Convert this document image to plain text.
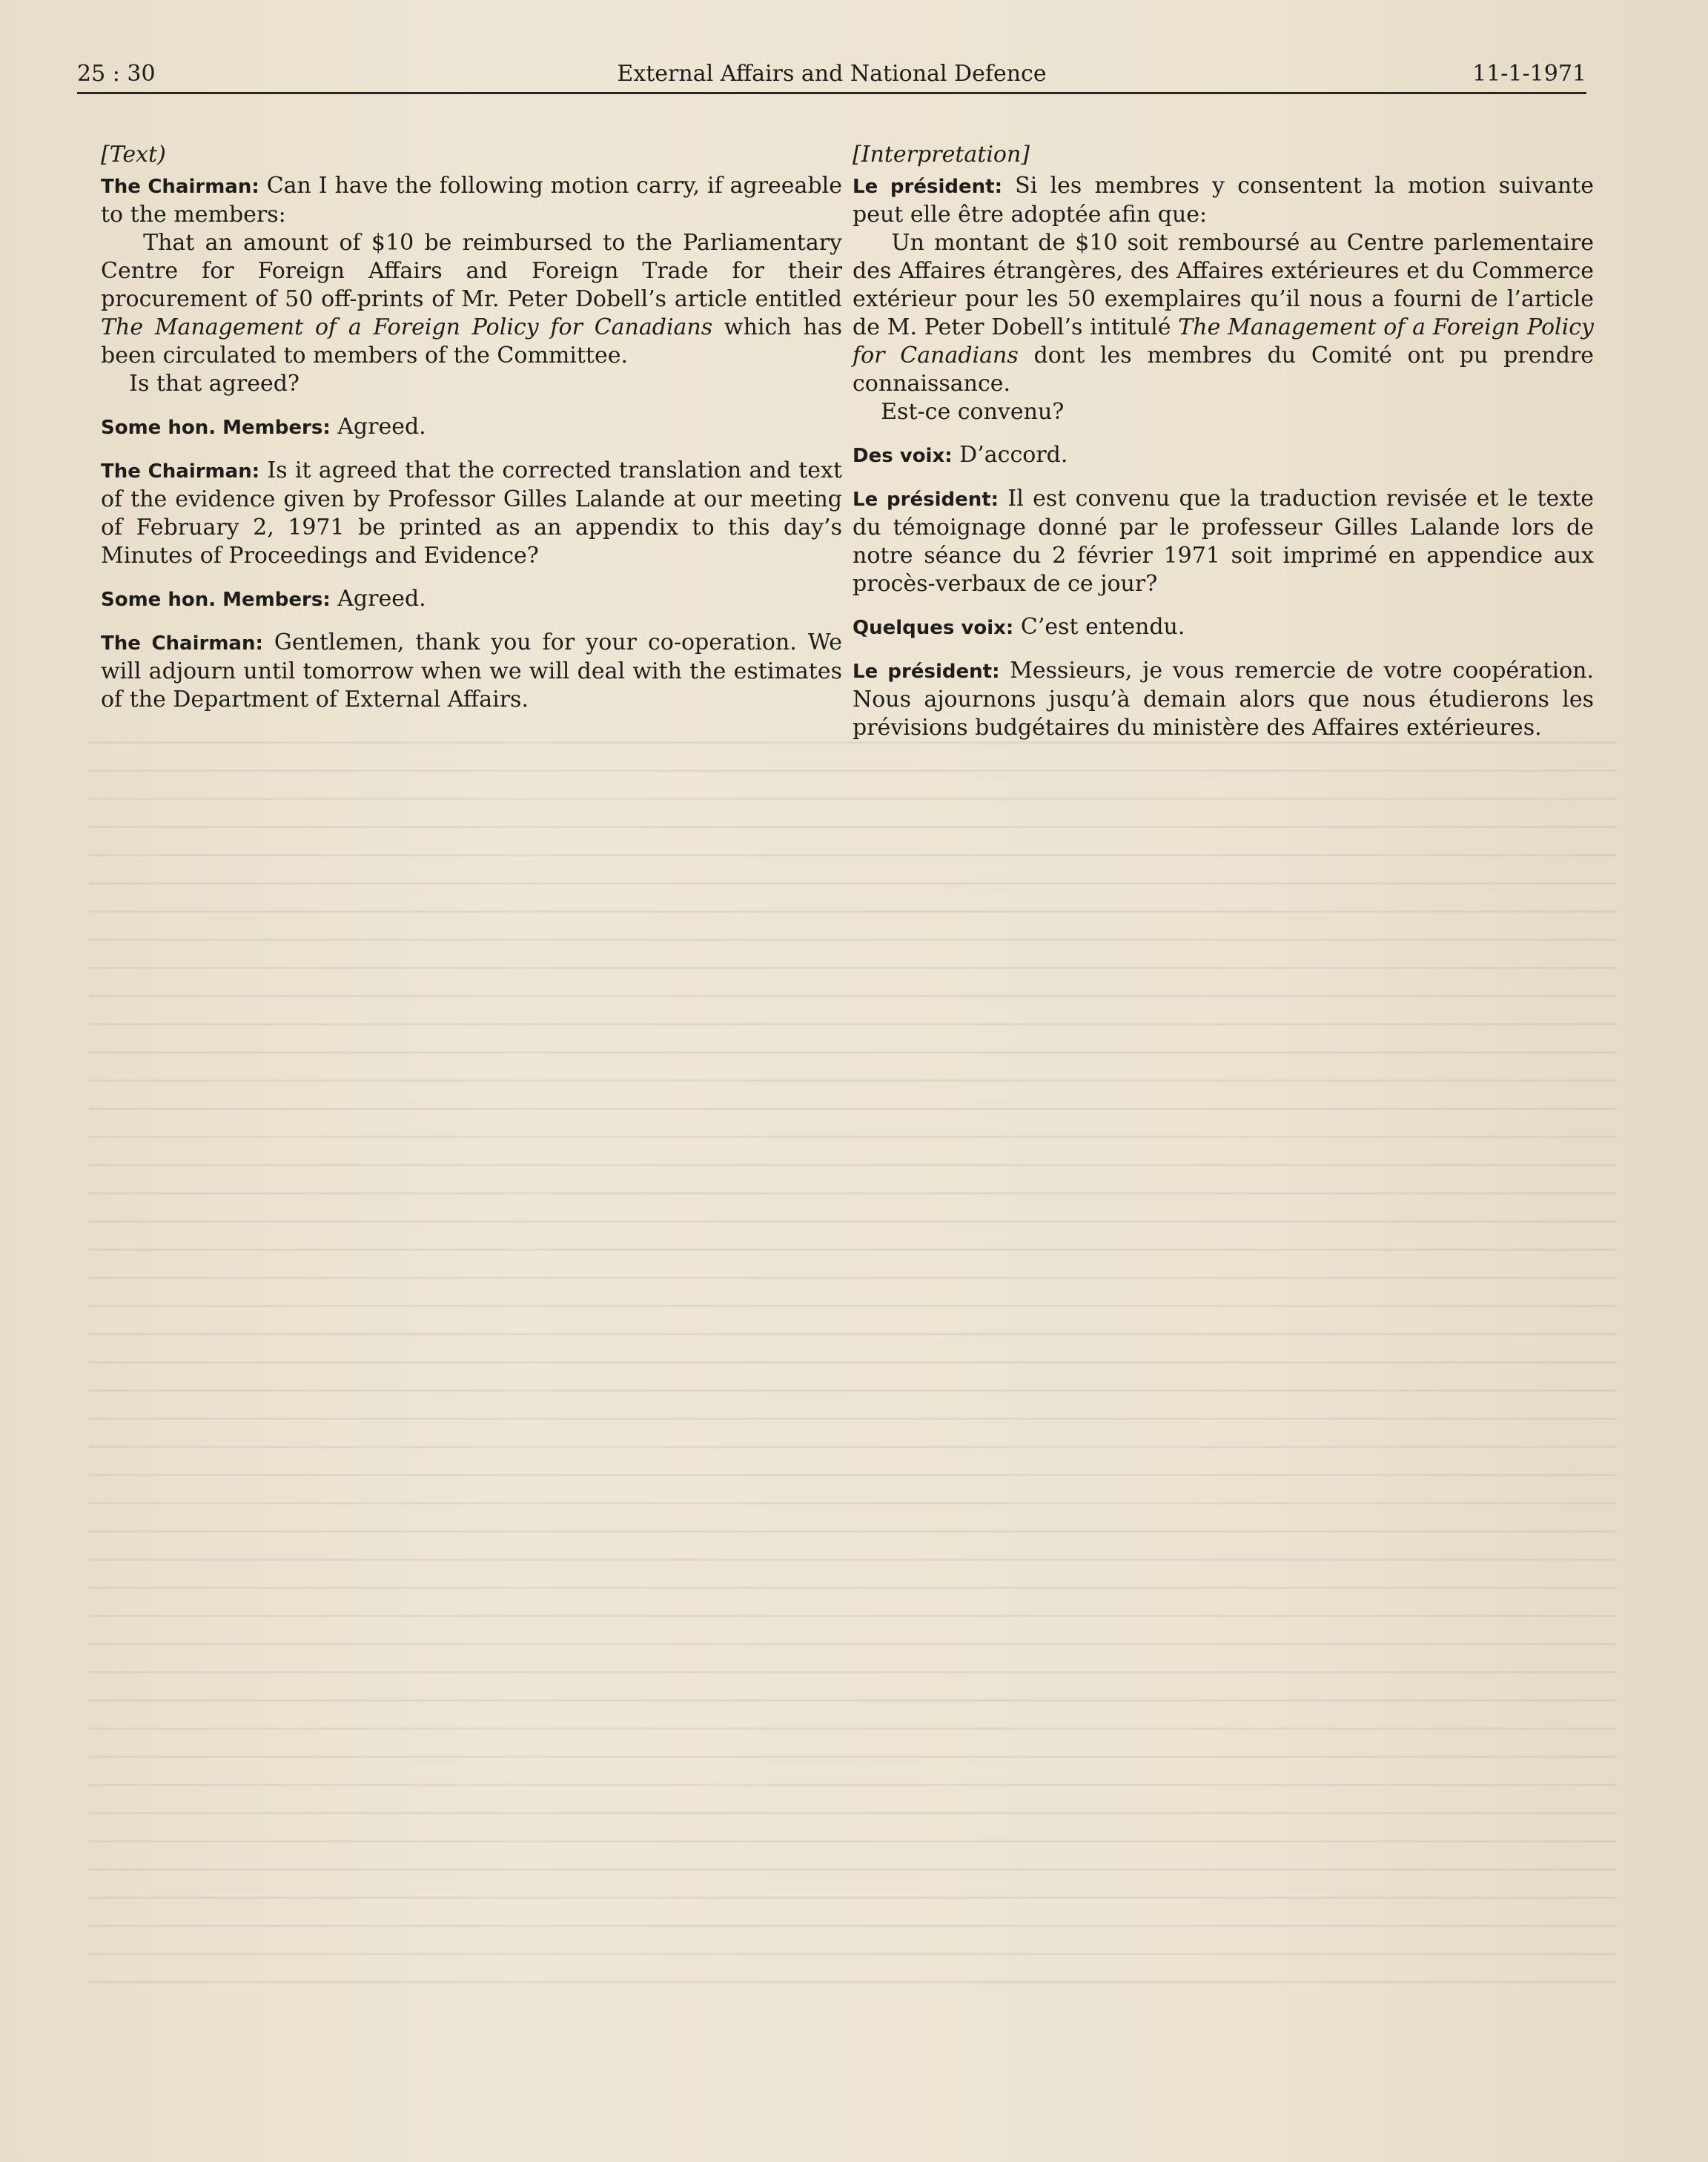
25 : 30	External Affairs and National Defence	11-1-1971

[Text)

The Chairman: Can I have the following motion carry, if agreeable to the members:

That an amount of $10 be reimbursed to the Parliamentary Centre for Foreign Affairs and Foreign Trade for their procurement of 50 off-prints of Mr. Peter Dobell’s article entitled The Management of a Foreign Policy for Canadians which has been circulated to members of the Committee.

Is that agreed?

Some hon. Members: Agreed.

The Chairman: Is it agreed that the corrected translation and text of the evidence given by Professor Gilles Lalande at our meeting of February 2, 1971 be printed as an appendix to this day’s Minutes of Proceedings and Evidence?

Some hon. Members: Agreed.

The Chairman: Gentlemen, thank you for your co-operation. We will adjourn until tomorrow when we will deal with the estimates of the Department of External Affairs.

[Interpretation]

Le président: Si les membres y consentent la motion suivante peut elle être adoptée afin que:

Un montant de $10 soit remboursé au Centre parlementaire des Affaires étrangères, des Affaires extérieures et du Commerce extérieur pour les 50 exemplaires qu’il nous a fourni de l’article de M. Peter Dobell’s intitulé The Management of a Foreign Policy for Canadians dont les membres du Comité ont pu prendre connaissance.

Est-ce convenu?

Des voix: D’accord.

Le président: Il est convenu que la traduction revisée et le texte du témoignage donné par le professeur Gilles Lalande lors de notre séance du 2 février 1971 soit imprimé en appendice aux procès-verbaux de ce jour?

Quelques voix: C’est entendu.

Le président: Messieurs, je vous remercie de votre coopération. Nous ajournons jusqu’à demain alors que nous étudierons les prévisions budgétaires du ministère des Affaires extérieures.
